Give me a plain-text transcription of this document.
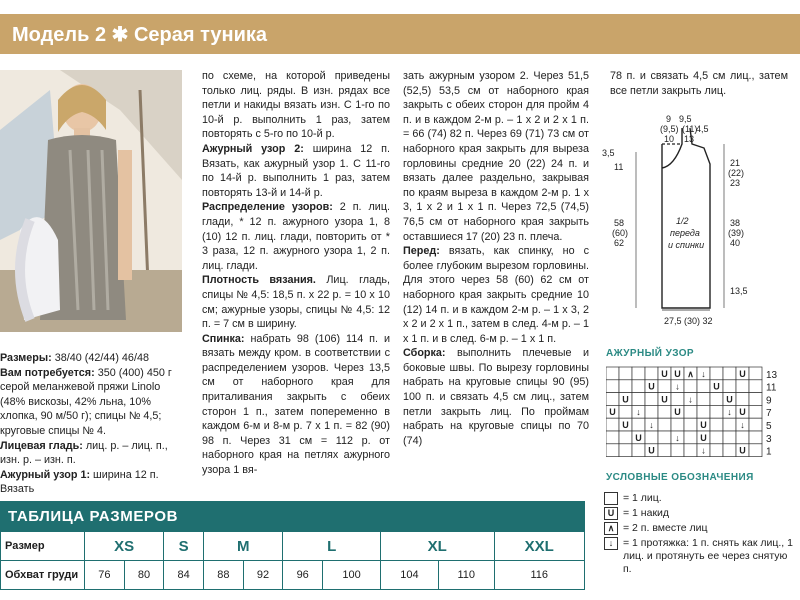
Модель 2 ✱ Серая туника

Размеры: 38/40 (42/44) 46/48

Вам потребуется: 350 (400) 450 г серой меланжевой пряжи Linolo (48% вискозы, 42% льна, 10% хлопка, 90 м/50 г); спицы № 4,5; круговые спицы № 4.

Лицевая гладь: лиц. р. – лиц. п., изн. р. – изн. п.

Ажурный узор 1: ширина 12 п. Вязать

по схеме, на которой приведены только лиц. ряды. В изн. рядах все петли и накиды вязать изн. С 1-го по 10-й р. выполнить 1 раз, затем повторять с 5-го по 10-й р.

Ажурный узор 2: ширина 12 п. Вязать, как ажурный узор 1. С 11-го по 14-й р. выполнить 1 раз, затем повторять 13-й и 14-й р.

Распределение узоров: 2 п. лиц. глади, * 12 п. ажурного узора 1, 8 (10) 12 п. лиц. глади, повторить от * 3 раза, 12 п. ажурного узора 1, 2 п. лиц. глади.

Плотность вязания. Лиц. гладь, спицы № 4,5: 18,5 п. x 22 р. = 10 x 10 см; ажурные узоры, спицы № 4,5: 12 п. = 7 см в ширину.

Спинка: набрать 98 (106) 114 п. и вязать между кром. в соответствии с распределением узоров. Через 13,5 см от наборного края для приталивания закрыть с обеих сторон 1 п., затем попеременно в каждом 6-м и 8-м р. 7 x 1 п. = 82 (90) 98 п. Через 31 см = 112 р. от наборного края на петлях ажурного узора 1 вя-

зать ажурным узором 2. Через 51,5 (52,5) 53,5 см от наборного края закрыть с обеих сторон для пройм 4 п. и в каждом 2-м р. – 1 x 2 и 2 x 1 п. = 66 (74) 82 п. Через 69 (71) 73 см от наборного края закрыть для выреза горловины средние 20 (22) 24 п. и вязать далее раздельно, закрывая по краям выреза в каждом 2-м р. 1 x 3, 1 x 2 и 1 x 1 п. Через 72,5 (74,5) 76,5 см от наборного края закрыть оставшиеся 17 (20) 23 п. плеча.

Перед: вязать, как спинку, но с более глубоким вырезом горловины. Для этого через 58 (60) 62 см от наборного края закрыть средние 10 (12) 14 п. и в каждом 2-м р. – 1 x 3, 2 x 2 и 2 x 1 п., затем в след. 4-м р. – 1 x 1 п. и в след. 6-м р. – 1 x 1 п.

Сборка: выполнить плечевые и боковые швы. По вырезу горловины набрать на круговые спицы 90 (95) 100 п. и связать 4,5 см лиц., затем петли закрыть лиц. По проймам набрать на круговые спицы по 70 (74)

78 п. и связать 4,5 см лиц., затем все петли закрыть лиц.

9 9,5
(9,5) (11)
10
4,5
13
3,5
11
58
(60)
62
21
(22)
23
38
(39)
40
13,5
1/2
переда
и спинки
27,5 (30) 32
АЖУРНЫЙ УЗОР
U U ∧ ↓	U
U ↓	U
U	U ↓	U
U ↓	U	↓ U
U ↓	U	↓
U	↓ U
U	↓	U
13
11
9
7
5
3
1
УСЛОВНЫЕ ОБОЗНАЧЕНИЯ
= 1 лиц.
U = 1 накид
∧ = 2 п. вместе лиц
↓ = 1 протяжка: 1 п. снять как лиц., 1 лиц. и протянуть ее через снятую п.
ТАБЛИЦА РАЗМЕРОВ
Размер	XS		S	M		L		XL		XXL
Обхват груди	76	80	84	88	92	96	100	104	110	116
